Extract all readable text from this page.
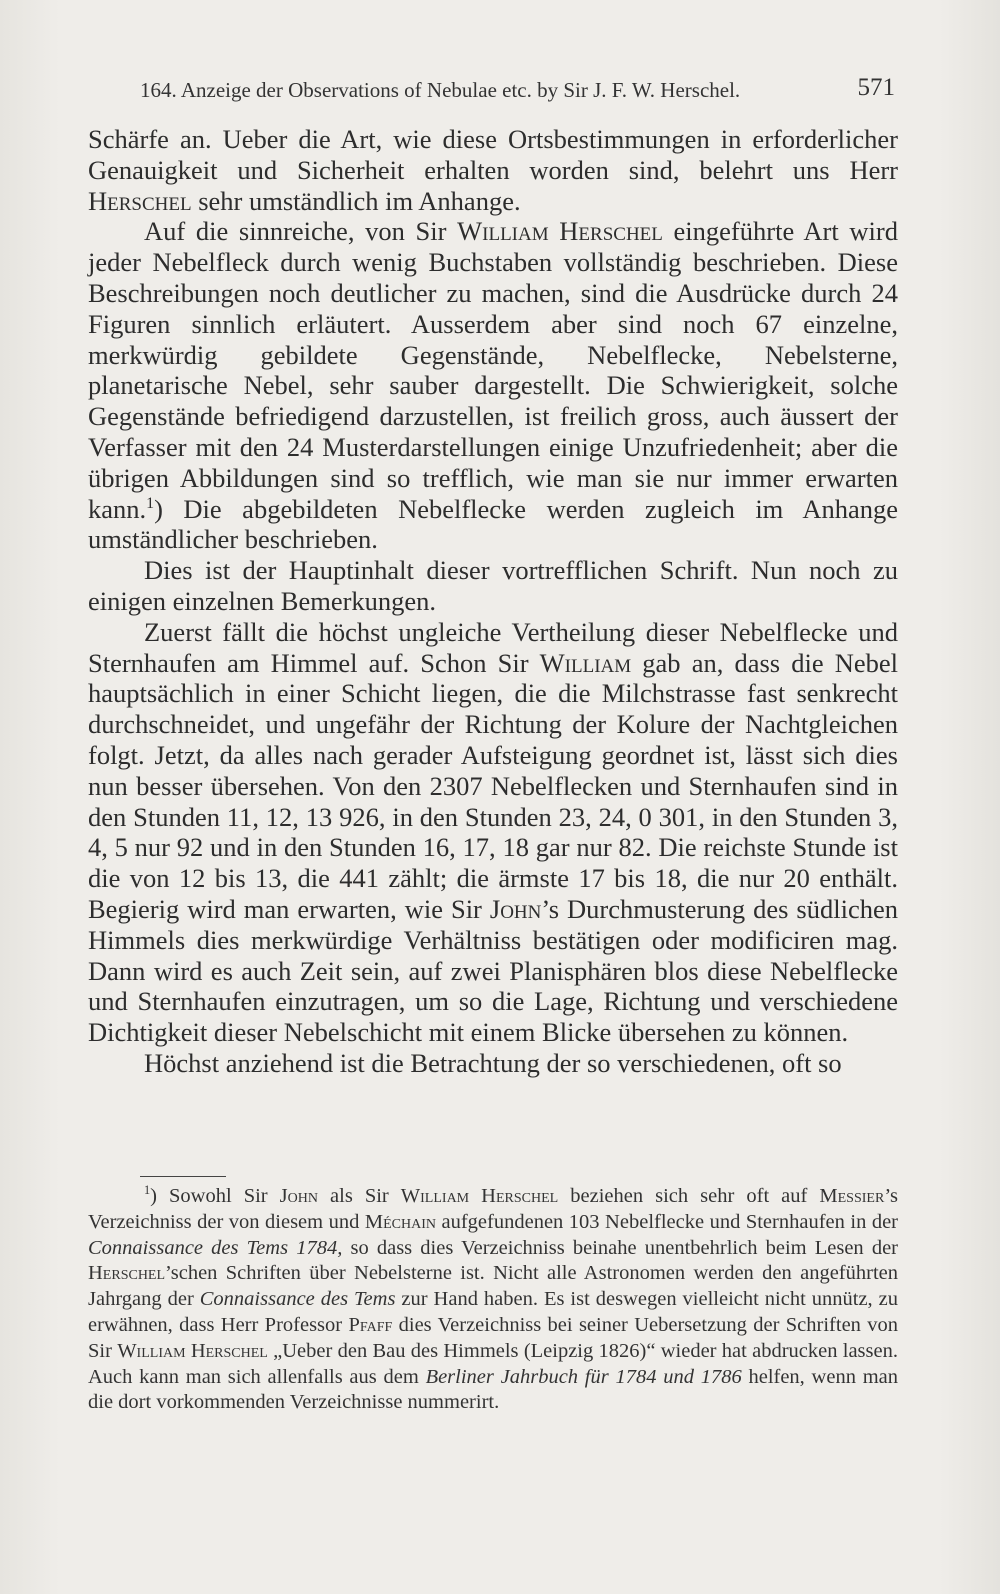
164. Anzeige der Observations of Nebulae etc. by Sir J. F. W. Herschel.	571

Schärfe an. Ueber die Art, wie diese Ortsbestimmungen in erforderlicher Genauigkeit und Sicherheit erhalten worden sind, belehrt uns Herr Herschel sehr umständlich im Anhange.

Auf die sinnreiche, von Sir William Herschel eingeführte Art wird jeder Nebelfleck durch wenig Buchstaben vollständig beschrieben. Diese Beschreibungen noch deutlicher zu machen, sind die Ausdrücke durch 24 Figuren sinnlich erläutert. Ausserdem aber sind noch 67 einzelne, merkwürdig gebildete Gegenstände, Nebelflecke, Nebelsterne, planetarische Nebel, sehr sauber dargestellt. Die Schwierigkeit, solche Gegenstände befriedigend darzustellen, ist freilich gross, auch äussert der Verfasser mit den 24 Musterdarstellungen einige Unzufriedenheit; aber die übrigen Abbildungen sind so trefflich, wie man sie nur immer erwarten kann.$^1$) Die abgebildeten Nebelflecke werden zugleich im Anhange umständlicher beschrieben.

Dies ist der Hauptinhalt dieser vortrefflichen Schrift. Nun noch zu einigen einzelnen Bemerkungen.

Zuerst fällt die höchst ungleiche Vertheilung dieser Nebelflecke und Sternhaufen am Himmel auf. Schon Sir William gab an, dass die Nebel hauptsächlich in einer Schicht liegen, die die Milchstrasse fast senkrecht durchschneidet, und ungefähr der Richtung der Kolure der Nachtgleichen folgt. Jetzt, da alles nach gerader Aufsteigung geordnet ist, lässt sich dies nun besser übersehen. Von den 2307 Nebelflecken und Sternhaufen sind in den Stunden 11, 12, 13 926, in den Stunden 23, 24, 0 301, in den Stunden 3, 4, 5 nur 92 und in den Stunden 16, 17, 18 gar nur 82. Die reichste Stunde ist die von 12 bis 13, die 441 zählt; die ärmste 17 bis 18, die nur 20 enthält. Begierig wird man erwarten, wie Sir John’s Durchmusterung des südlichen Himmels dies merkwürdige Verhältniss bestätigen oder modificiren mag. Dann wird es auch Zeit sein, auf zwei Planisphären blos diese Nebelflecke und Sternhaufen einzutragen, um so die Lage, Richtung und verschiedene Dichtigkeit dieser Nebelschicht mit einem Blicke übersehen zu können.

Höchst anziehend ist die Betrachtung der so verschiedenen, oft so

$^1$) Sowohl Sir John als Sir William Herschel beziehen sich sehr oft auf Messier’s Verzeichniss der von diesem und Méchain aufgefundenen 103 Nebelflecke und Sternhaufen in der Connaissance des Tems 1784, so dass dies Verzeichniss beinahe unentbehrlich beim Lesen der Herschel’schen Schriften über Nebelsterne ist. Nicht alle Astronomen werden den angeführten Jahrgang der Connaissance des Tems zur Hand haben. Es ist deswegen vielleicht nicht unnütz, zu erwähnen, dass Herr Professor Pfaff dies Verzeichniss bei seiner Uebersetzung der Schriften von Sir William Herschel „Ueber den Bau des Himmels (Leipzig 1826)“ wieder hat abdrucken lassen. Auch kann man sich allenfalls aus dem Berliner Jahrbuch für 1784 und 1786 helfen, wenn man die dort vorkommenden Verzeichnisse nummerirt.
